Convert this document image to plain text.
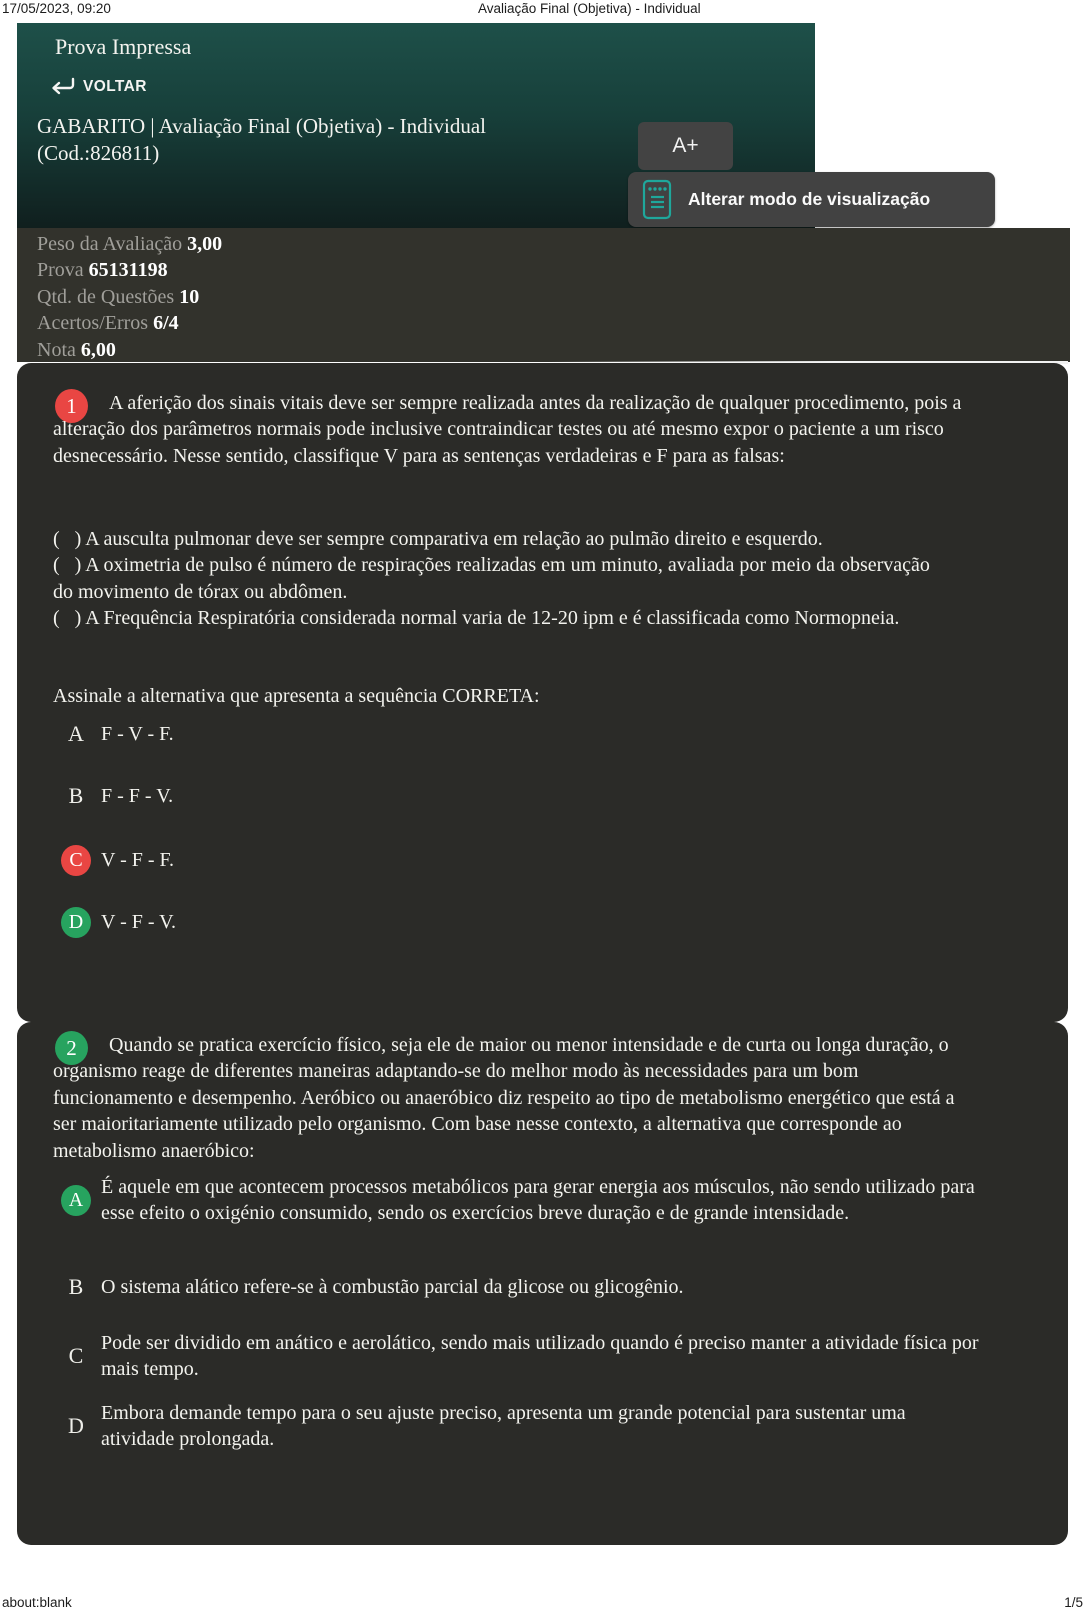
17/05/2023, 09:20	Avaliação Final (Objetiva) - Individual
Prova Impressa
VOLTAR
GABARITO | Avaliação Final (Objetiva) - Individual (Cod.:826811)	A+
Alterar modo de visualização
Peso da Avaliação 3,00
Prova 65131198
Qtd. de Questões 10
Acertos/Erros 6/4
Nota 6,00
1	A aferição dos sinais vitais deve ser sempre realizada antes da realização de qualquer procedimento, pois a alteração dos parâmetros normais pode inclusive contraindicar testes ou até mesmo expor o paciente a um risco desnecessário. Nesse sentido, classifique V para as sentenças verdadeiras e F para as falsas:

(   ) A ausculta pulmonar deve ser sempre comparativa em relação ao pulmão direito e esquerdo.

(   ) A oximetria de pulso é número de respirações realizadas em um minuto, avaliada por meio da observação do movimento de tórax ou abdômen.

(   ) A Frequência Respiratória considerada normal varia de 12-20 ipm e é classificada como Normopneia.

Assinale a alternativa que apresenta a sequência CORRETA:
A F - V - F.
B F - F - V.
C V - F - F.
D V - F - V.
2	Quando se pratica exercício físico, seja ele de maior ou menor intensidade e de curta ou longa duração, o organismo reage de diferentes maneiras adaptando-se do melhor modo às necessidades para um bom funcionamento e desempenho. Aeróbico ou anaeróbico diz respeito ao tipo de metabolismo energético que está a ser maioritariamente utilizado pelo organismo. Com base nesse contexto, a alternativa que corresponde ao metabolismo anaeróbico:
A
É aquele em que acontecem processos metabólicos para gerar energia aos músculos, não sendo utilizado para esse efeito o oxigénio consumido, sendo os exercícios breve duração e de grande intensidade.
B O sistema alático refere-se à combustão parcial da glicose ou glicogênio.
C
Pode ser dividido em anático e aerolático, sendo mais utilizado quando é preciso manter a atividade física por mais tempo.
D
Embora demande tempo para o seu ajuste preciso, apresenta um grande potencial para sustentar uma atividade prolongada.
about:blank	1/5
